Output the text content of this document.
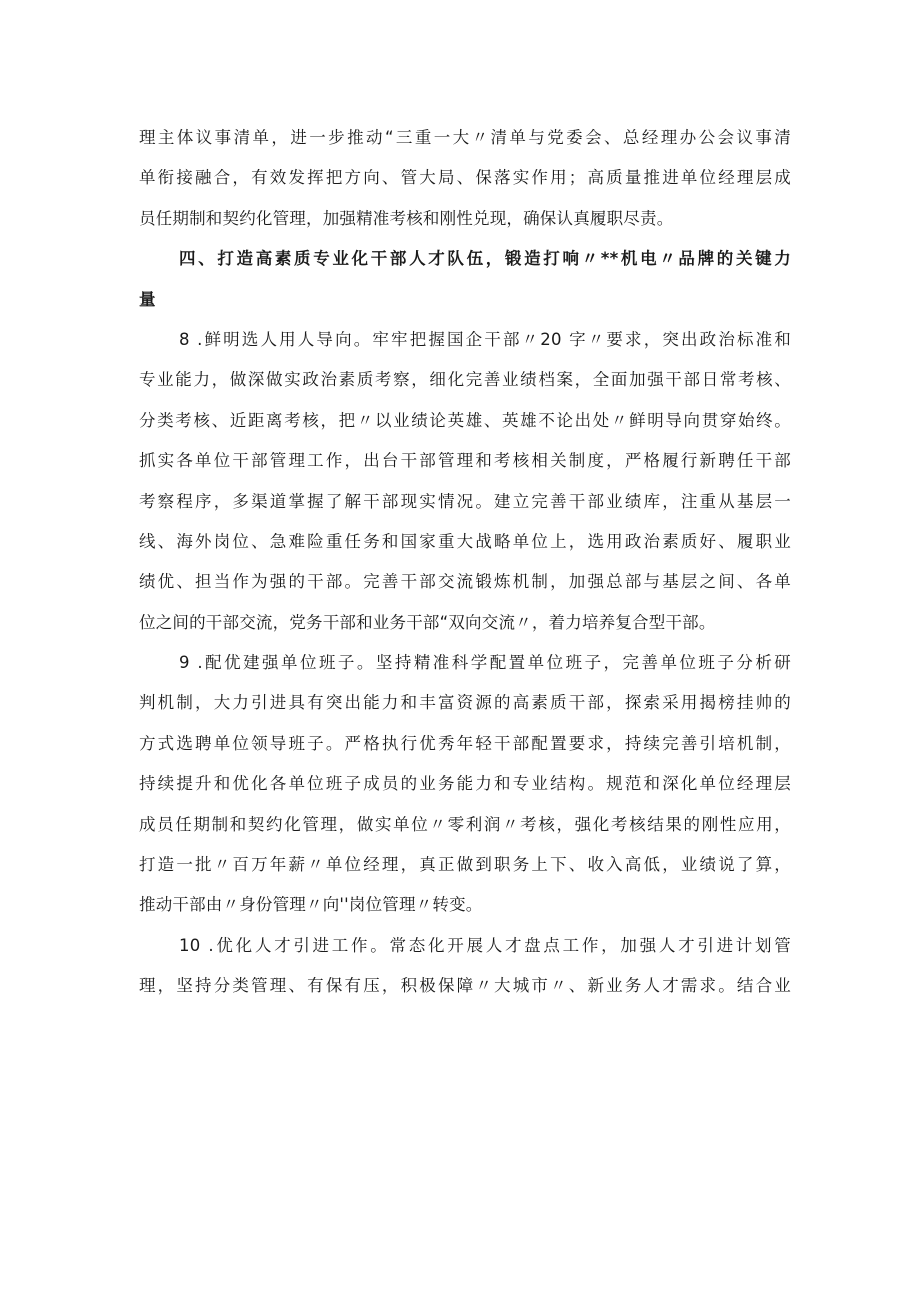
理主体议事清单，进一步推动“三重一大〃清单与党委会、总经理办公会议事清
单衔接融合，有效发挥把方向、管大局、保落实作用；高质量推进单位经理层成
员任期制和契约化管理，加强精准考核和刚性兑现，确保认真履职尽责。
四、打造高素质专业化干部人才队伍，锻造打响〃**机电〃品牌的关键力
量
8 .鲜明选人用人导向。牢牢把握国企干部〃20 字〃要求，突出政治标准和
专业能力，做深做实政治素质考察，细化完善业绩档案，全面加强干部日常考核、
分类考核、近距离考核，把〃以业绩论英雄、英雄不论出处〃鲜明导向贯穿始终。
抓实各单位干部管理工作，出台干部管理和考核相关制度，严格履行新聘任干部
考察程序，多渠道掌握了解干部现实情况。建立完善干部业绩库，注重从基层一
线、海外岗位、急难险重任务和国家重大战略单位上，选用政治素质好、履职业
绩优、担当作为强的干部。完善干部交流锻炼机制，加强总部与基层之间、各单
位之间的干部交流，党务干部和业务干部“双向交流〃，着力培养复合型干部。
9 .配优建强单位班子。坚持精准科学配置单位班子，完善单位班子分析研
判机制，大力引进具有突出能力和丰富资源的高素质干部，探索采用揭榜挂帅的
方式选聘单位领导班子。严格执行优秀年轻干部配置要求，持续完善引培机制，
持续提升和优化各单位班子成员的业务能力和专业结构。规范和深化单位经理层
成员任期制和契约化管理，做实单位〃零利润〃考核，强化考核结果的刚性应用，
打造一批〃百万年薪〃单位经理，真正做到职务上下、收入高低，业绩说了算，
推动干部由〃身份管理〃向''岗位管理〃转变。
10 .优化人才引进工作。常态化开展人才盘点工作，加强人才引进计划管
理，坚持分类管理、有保有压，积极保障〃大城市〃、新业务人才需求。结合业
